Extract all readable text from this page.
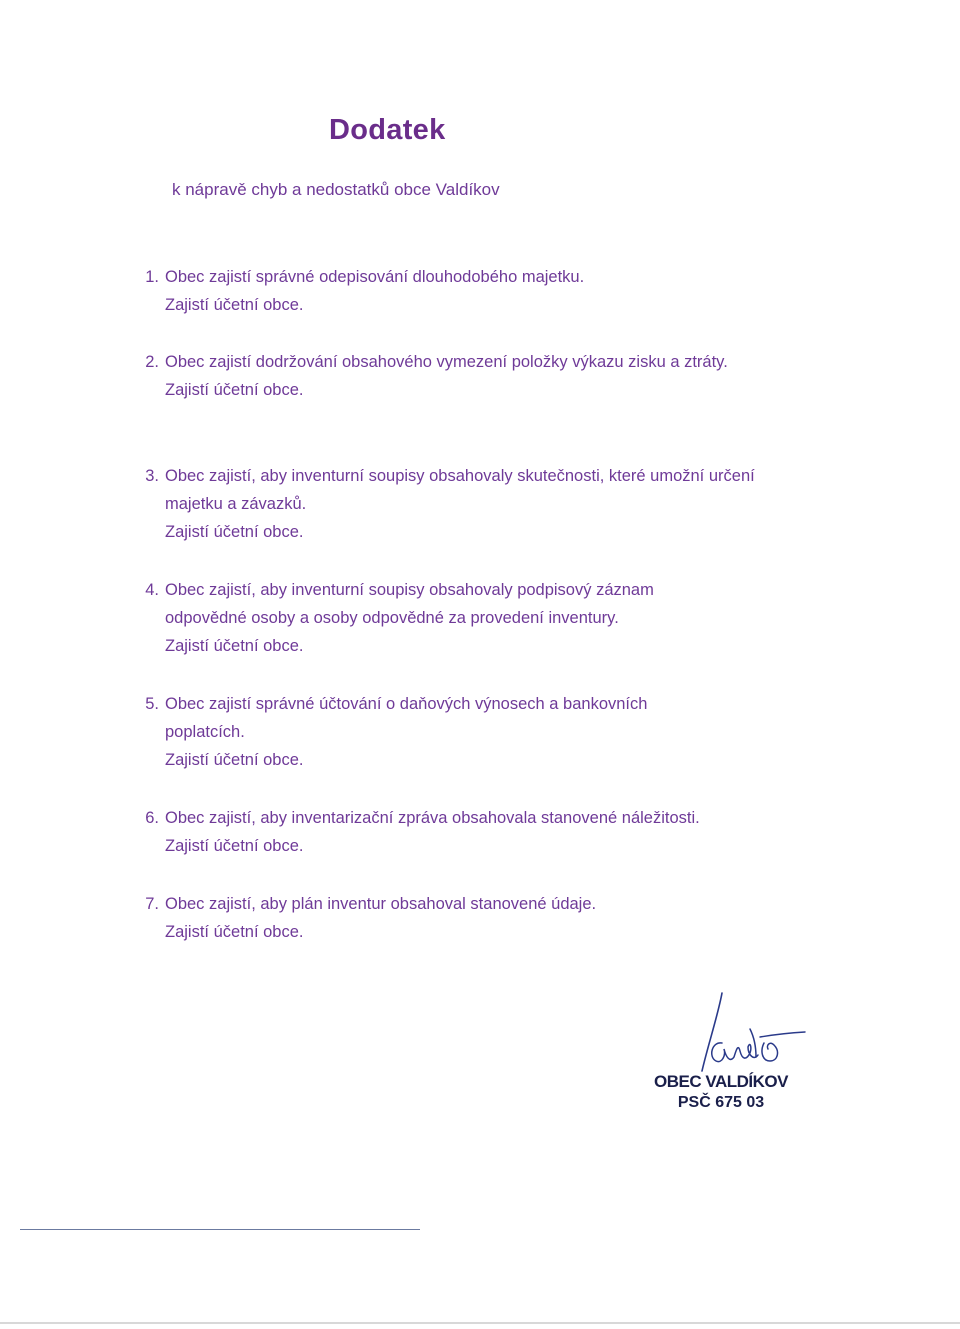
Dodatek
k nápravě chyb a nedostatků obce Valdíkov
1. Obec zajistí správné odepisování dlouhodobého majetku.
Zajistí účetní obce.
2. Obec zajistí dodržování obsahového vymezení položky výkazu zisku a ztráty.
Zajistí účetní obce.
3. Obec zajistí, aby inventurní soupisy obsahovaly skutečnosti, které umožní určení majetku a závazků.
Zajistí účetní obce.
4. Obec zajistí, aby inventurní soupisy obsahovaly podpisový záznam odpovědné osoby a osoby odpovědné za provedení inventury.
Zajistí účetní obce.
5. Obec zajistí správné účtování o daňových výnosech a bankovních poplatcích.
Zajistí účetní obce.
6. Obec zajistí, aby inventarizační zpráva obsahovala stanovené náležitosti.
Zajistí účetní obce.
7. Obec zajistí, aby plán inventur obsahoval stanovené údaje.
Zajistí účetní obce.
OBEC VALDÍKOV
PSČ 675 03
